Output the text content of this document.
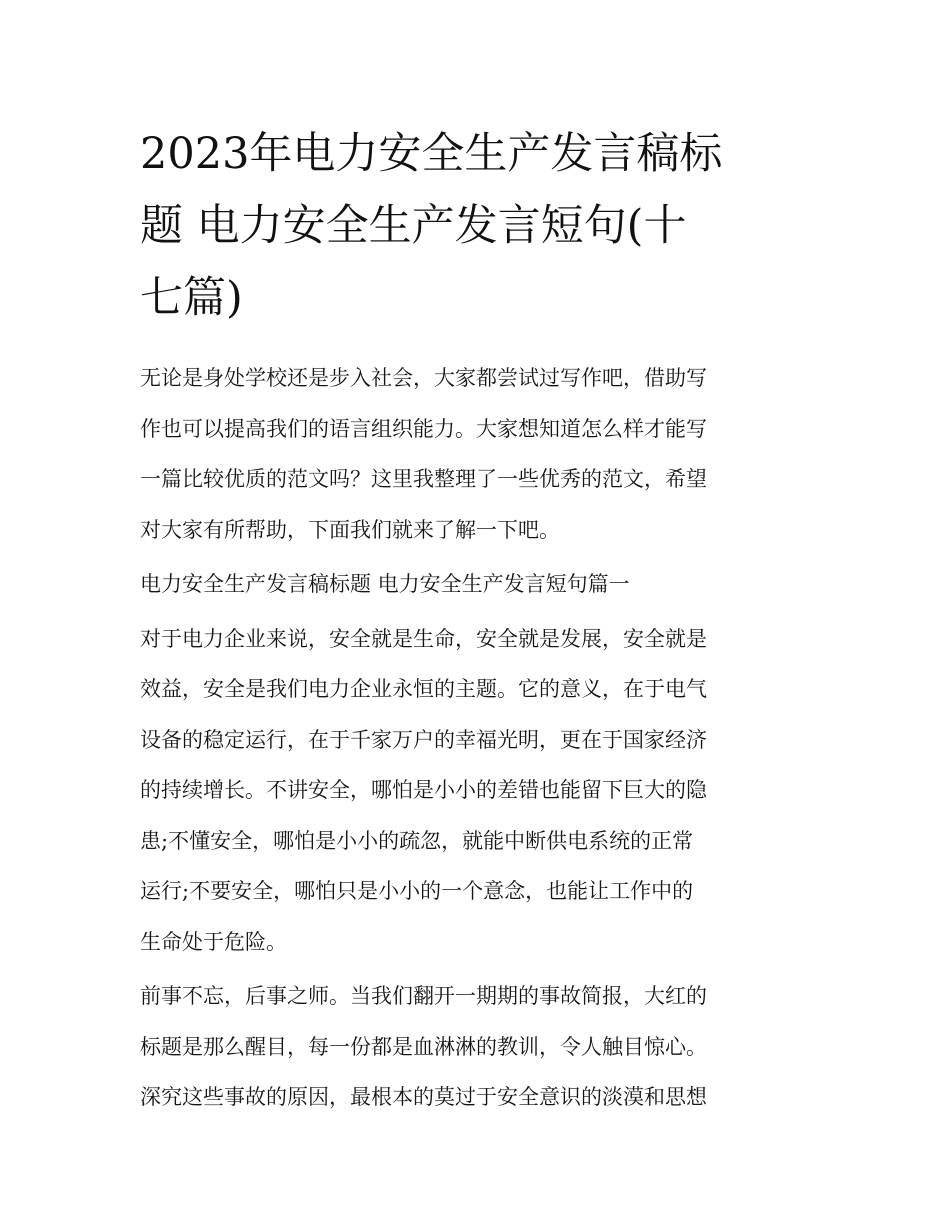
2023年电力安全生产发言稿标
题 电力安全生产发言短句(十
七篇)

无论是身处学校还是步入社会，大家都尝试过写作吧，借助写
作也可以提高我们的语言组织能力。大家想知道怎么样才能写
一篇比较优质的范文吗？这里我整理了一些优秀的范文，希望
对大家有所帮助，下面我们就来了解一下吧。

电力安全生产发言稿标题 电力安全生产发言短句篇一

对于电力企业来说，安全就是生命，安全就是发展，安全就是
效益，安全是我们电力企业永恒的主题。它的意义，在于电气
设备的稳定运行，在于千家万户的幸福光明，更在于国家经济
的持续增长。不讲安全，哪怕是小小的差错也能留下巨大的隐
患;不懂安全，哪怕是小小的疏忽，就能中断供电系统的正常
运行;不要安全，哪怕只是小小的一个意念，也能让工作中的
生命处于危险。

前事不忘，后事之师。当我们翻开一期期的事故简报，大红的
标题是那么醒目，每一份都是血淋淋的教训，令人触目惊心。
深究这些事故的原因，最根本的莫过于安全意识的淡漠和思想
